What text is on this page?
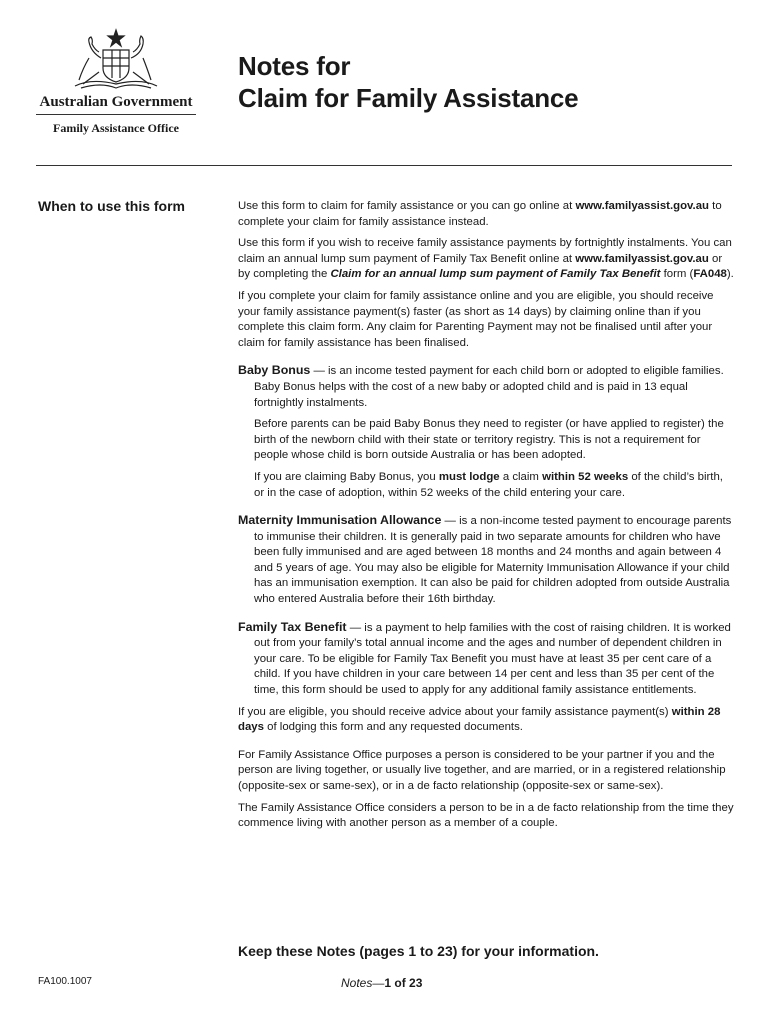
Australian Government
Family Assistance Office
Notes for
Claim for Family Assistance
When to use this form	Use this form to claim for family assistance or you can go online at www.familyassist.gov.au to complete your claim for family assistance instead.

Use this form if you wish to receive family assistance payments by fortnightly instalments. You can claim an annual lump sum payment of Family Tax Benefit online at www.familyassist.gov.au or by completing the Claim for an annual lump sum payment of Family Tax Benefit form (FA048).

If you complete your claim for family assistance online and you are eligible, you should receive your family assistance payment(s) faster (as short as 14 days) by claiming online than if you complete this claim form. Any claim for Parenting Payment may not be finalised until after your claim for family assistance has been finalised.

Baby Bonus — is an income tested payment for each child born or adopted to eligible families. Baby Bonus helps with the cost of a new baby or adopted child and is paid in 13 equal fortnightly instalments.

Before parents can be paid Baby Bonus they need to register (or have applied to register) the birth of the newborn child with their state or territory registry. This is not a requirement for people whose child is born outside Australia or has been adopted.

If you are claiming Baby Bonus, you must lodge a claim within 52 weeks of the child’s birth, or in the case of adoption, within 52 weeks of the child entering your care.

Maternity Immunisation Allowance — is a non-income tested payment to encourage parents to immunise their children. It is generally paid in two separate amounts for children who have been fully immunised and are aged between 18 months and 24 months and again between 4 and 5 years of age. You may also be eligible for Maternity Immunisation Allowance if your child has an immunisation exemption. It can also be paid for children adopted from outside Australia who entered Australia before their 16th birthday.

Family Tax Benefit — is a payment to help families with the cost of raising children. It is worked out from your family’s total annual income and the ages and number of dependent children in your care. To be eligible for Family Tax Benefit you must have at least 35 per cent care of a child. If you have children in your care between 14 per cent and less than 35 per cent of the time, this form should be used to apply for any additional family assistance entitlements.

If you are eligible, you should receive advice about your family assistance payment(s) within 28 days of lodging this form and any requested documents.

For Family Assistance Office purposes a person is considered to be your partner if you and the person are living together, or usually live together, and are married, or in a registered relationship (opposite-sex or same-sex), or in a de facto relationship (opposite-sex or same-sex).

The Family Assistance Office considers a person to be in a de facto relationship from the time they commence living with another person as a member of a couple.

Keep these Notes (pages 1 to 23) for your information.
FA100.1007	Notes—1 of 23
